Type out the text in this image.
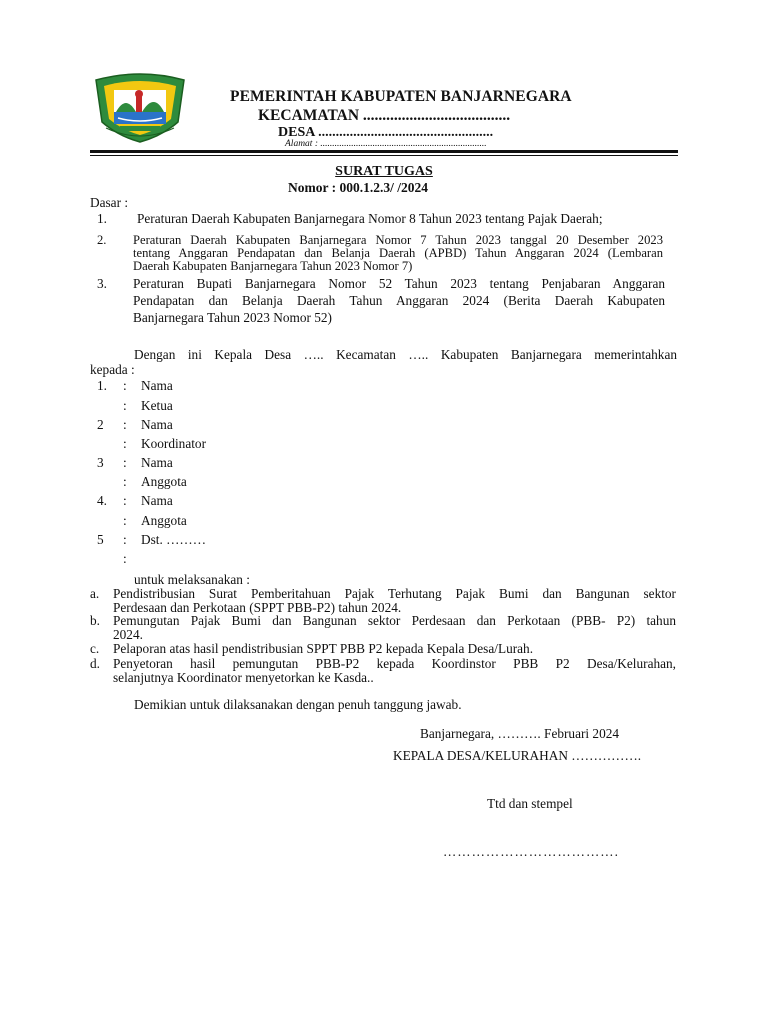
PEMERINTAH KABUPATEN BANJARNEGARA
KECAMATAN ......................................
DESA ..................................................
Alamat : ......................................................................
SURAT TUGAS
Nomor : 000.1.2.3/ /2024
Dasar :
1. Peraturan Daerah Kabupaten Banjarnegara Nomor 8 Tahun 2023 tentang Pajak Daerah;
2. Peraturan Daerah Kabupaten Banjarnegara Nomor 7 Tahun 2023 tanggal 20 Desember 2023
tentang Anggaran Pendapatan dan Belanja Daerah (APBD) Tahun Anggaran 2024 (Lembaran
Daerah Kabupaten Banjarnegara Tahun 2023 Nomor 7)
3. Peraturan Bupati Banjarnegara Nomor 52 Tahun 2023 tentang Penjabaran Anggaran
Pendapatan dan Belanja Daerah Tahun Anggaran 2024 (Berita Daerah Kabupaten
Banjarnegara Tahun 2023 Nomor 52)
Dengan ini Kepala Desa ….. Kecamatan ….. Kabupaten Banjarnegara memerintahkan
kepada :
1. : Nama
: Ketua
2 : Nama
: Koordinator
3 : Nama
: Anggota
4. : Nama
: Anggota
5 : Dst. ………
:
untuk melaksanakan :
a. Pendistribusian Surat Pemberitahuan Pajak Terhutang Pajak Bumi dan Bangunan sektor
Perdesaan dan Perkotaan (SPPT PBB-P2) tahun 2024.
b. Pemungutan Pajak Bumi dan Bangunan sektor Perdesaan dan Perkotaan (PBB- P2) tahun
2024.
c. Pelaporan atas hasil pendistribusian SPPT PBB P2 kepada Kepala Desa/Lurah.
d. Penyetoran hasil pemungutan PBB-P2 kepada Koordinstor PBB P2 Desa/Kelurahan,
selanjutnya Koordinator menyetorkan ke Kasda..
Demikian untuk dilaksanakan dengan penuh tanggung jawab.
Banjarnegara, ………. Februari 2024
KEPALA DESA/KELURAHAN …………….
Ttd dan stempel
……………………………….
